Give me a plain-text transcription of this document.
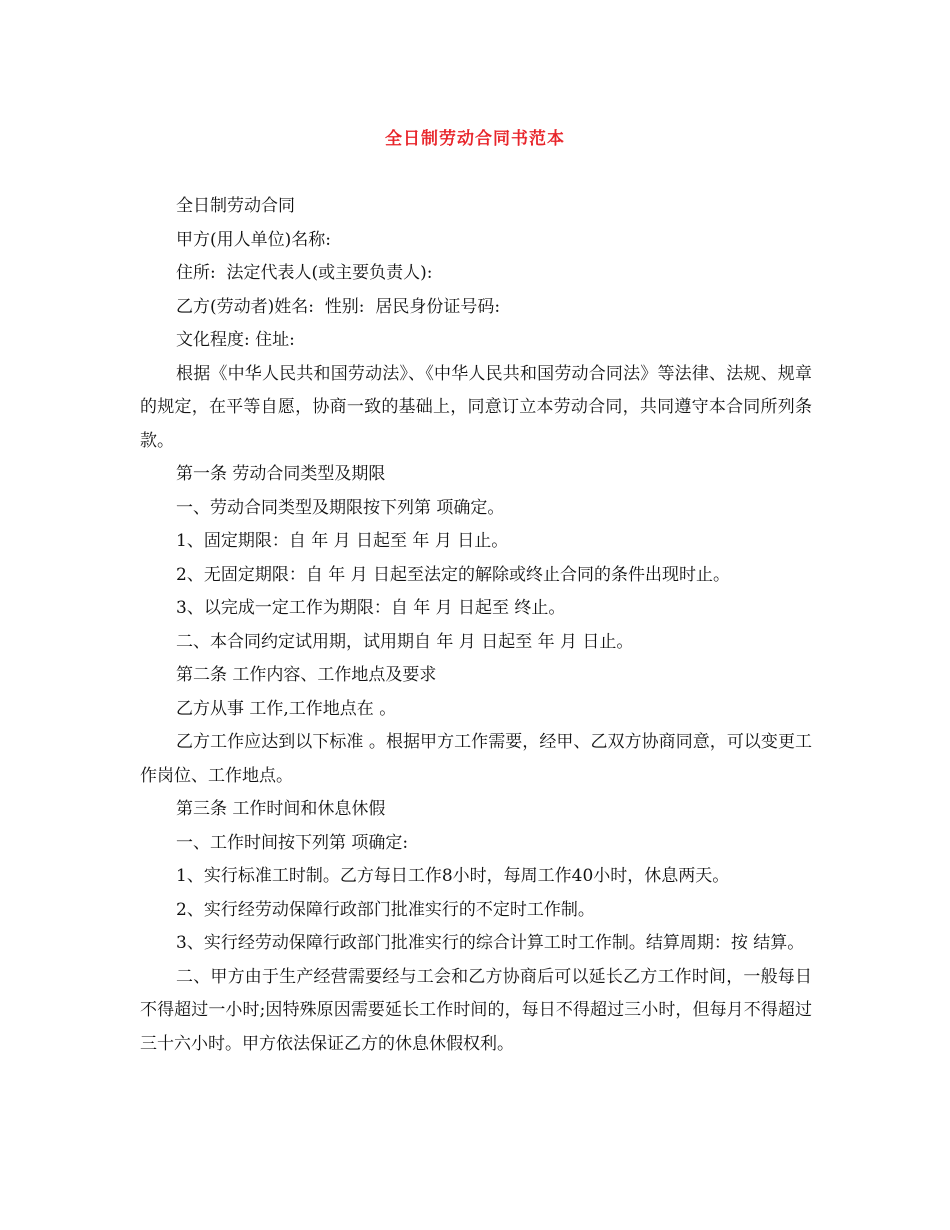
全日制劳动合同书范本

全日制劳动合同

甲方(用人单位)名称:

住所:  法定代表人(或主要负责人):

乙方(劳动者)姓名:  性别:  居民身份证号码:

文化程度: 住址:

根据《中华人民共和国劳动法》、《中华人民共和国劳动合同法》等法律、法规、规章的规定，在平等自愿，协商一致的基础上，同意订立本劳动合同，共同遵守本合同所列条款。

第一条 劳动合同类型及期限

一、劳动合同类型及期限按下列第 项确定。

1、固定期限：自 年 月 日起至 年 月 日止。

2、无固定期限：自 年 月 日起至法定的解除或终止合同的条件出现时止。

3、以完成一定工作为期限：自 年 月 日起至 终止。

二、本合同约定试用期，试用期自 年 月 日起至 年 月 日止。

第二条 工作内容、工作地点及要求

乙方从事 工作,工作地点在 。

乙方工作应达到以下标准 。根据甲方工作需要，经甲、乙双方协商同意，可以变更工作岗位、工作地点。

第三条 工作时间和休息休假

一、工作时间按下列第 项确定:

1、实行标准工时制。乙方每日工作8小时，每周工作40小时，休息两天。

2、实行经劳动保障行政部门批准实行的不定时工作制。

3、实行经劳动保障行政部门批准实行的综合计算工时工作制。结算周期：按 结算。

二、甲方由于生产经营需要经与工会和乙方协商后可以延长乙方工作时间，一般每日不得超过一小时;因特殊原因需要延长工作时间的，每日不得超过三小时，但每月不得超过三十六小时。甲方依法保证乙方的休息休假权利。
